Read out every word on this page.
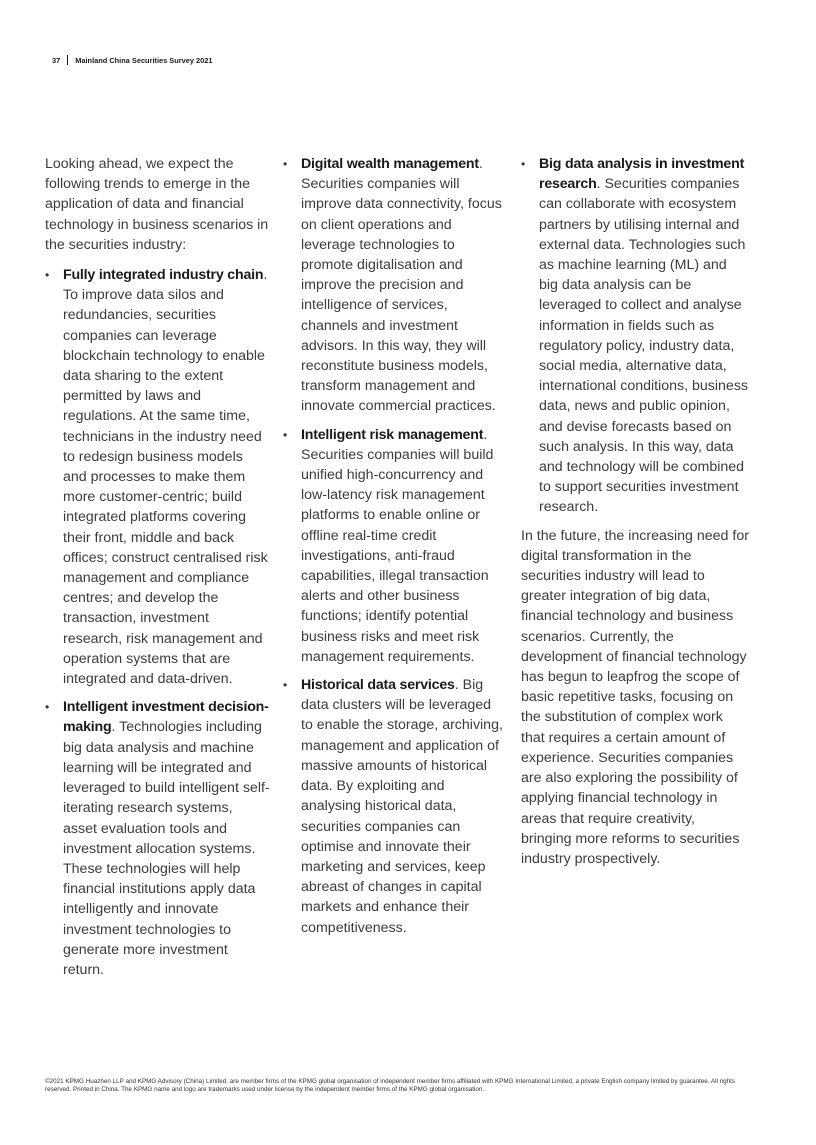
37 Mainland China Securities Survey 2021

Looking ahead, we expect the following trends to emerge in the application of data and financial technology in business scenarios in the securities industry:

• Fully integrated industry chain. To improve data silos and redundancies, securities companies can leverage blockchain technology to enable data sharing to the extent permitted by laws and regulations. At the same time, technicians in the industry need to redesign business models and processes to make them more customer-centric; build integrated platforms covering their front, middle and back offices; construct centralised risk management and compliance centres; and develop the transaction, investment research, risk management and operation systems that are integrated and data-driven.
• Intelligent investment decision-making. Technologies including big data analysis and machine learning will be integrated and leveraged to build intelligent self-iterating research systems, asset evaluation tools and investment allocation systems. These technologies will help financial institutions apply data intelligently and innovate investment technologies to generate more investment return.
• Digital wealth management. Securities companies will improve data connectivity, focus on client operations and leverage technologies to promote digitalisation and improve the precision and intelligence of services, channels and investment advisors. In this way, they will reconstitute business models, transform management and innovate commercial practices.
• Intelligent risk management. Securities companies will build unified high-concurrency and low-latency risk management platforms to enable online or offline real-time credit investigations, anti-fraud capabilities, illegal transaction alerts and other business functions; identify potential business risks and meet risk management requirements.
• Historical data services. Big data clusters will be leveraged to enable the storage, archiving, management and application of massive amounts of historical data. By exploiting and analysing historical data, securities companies can optimise and innovate their marketing and services, keep abreast of changes in capital markets and enhance their competitiveness.
• Big data analysis in investment research. Securities companies can collaborate with ecosystem partners by utilising internal and external data. Technologies such as machine learning (ML) and big data analysis can be leveraged to collect and analyse information in fields such as regulatory policy, industry data, social media, alternative data, international conditions, business data, news and public opinion, and devise forecasts based on such analysis. In this way, data and technology will be combined to support securities investment research.

In the future, the increasing need for digital transformation in the securities industry will lead to greater integration of big data, financial technology and business scenarios. Currently, the development of financial technology has begun to leapfrog the scope of basic repetitive tasks, focusing on the substitution of complex work that requires a certain amount of experience. Securities companies are also exploring the possibility of applying financial technology in areas that require creativity, bringing more reforms to securities industry prospectively.

©2021 KPMG Huazhen LLP and KPMG Advisory (China) Limited, are member firms of the KPMG global organisation of independent member firms affiliated with KPMG International Limited, a private English company limited by guarantee. All rights reserved. Printed in China. The KPMG name and logo are trademarks used under license by the independent member firms of the KPMG global organisation.
